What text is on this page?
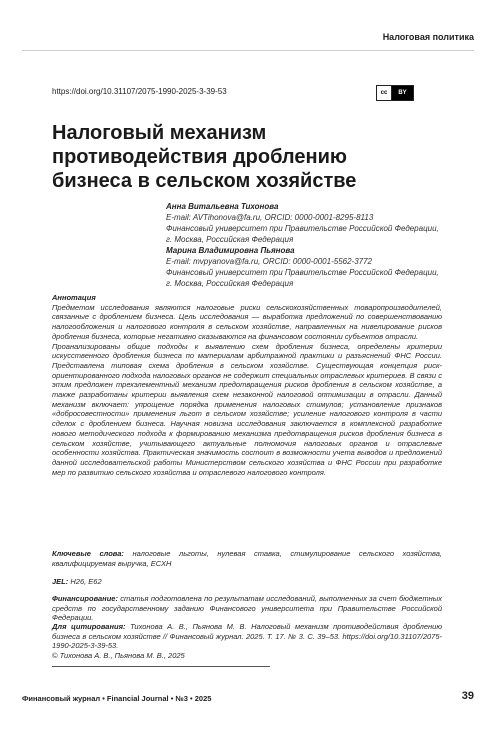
Налоговая политика
https://doi.org/10.31107/2075-1990-2025-3-39-53	cc	BY
Налоговый механизм
противодействия дроблению
бизнеса в сельском хозяйстве
Анна Витальевна Тихонова
E-mail: AVTihonova@fa.ru, ORCID: 0000-0001-8295-8113
Финансовый университет при Правительстве Российской Федерации,
г. Москва, Российская Федерация
Марина Владимировна Пьянова
E-mail: mvpyanova@fa.ru, ORCID: 0000-0001-5562-3772
Финансовый университет при Правительстве Российской Федерации,
г. Москва, Российская Федерация
Аннотация

Предметом исследования являются налоговые риски сельскохозяйственных товаропроизводителей, связанные с дроблением бизнеса. Цель исследования — выработка предложений по совершенствованию налогообложения и налогового контроля в сельском хозяйстве, направленных на нивелирование рисков дробления бизнеса, которые негативно сказываются на финансовом состоянии субъектов отрасли.

Проанализированы общие подходы к выявлению схем дробления бизнеса, определены критерии искусственного дробления бизнеса по материалам арбитражной практики и разъяснений ФНС России. Представлена типовая схема дробления в сельском хозяйстве. Существующая концепция риск-ориентированного подхода налоговых органов не содержит специальных отраслевых критериев. В связи с этим предложен трехэлементный механизм предотвращения рисков дробления в сельском хозяйстве, а также разработаны критерии выявления схем незаконной налоговой оптимизации в отрасли. Данный механизм включает: упрощение порядка применения налоговых стимулов; установление признаков «добросовестности» применения льгот в сельском хозяйстве; усиление налогового контроля в части сделок с дроблением бизнеса. Научная новизна исследования заключается в комплексной разработке нового методического подхода к формированию механизма предотвращения рисков дробления бизнеса в сельском хозяйстве, учитывающего актуальные полномочия налоговых органов и отраслевые особенности хозяйства. Практическая значимость состоит в возможности учета выводов и предложений данной исследовательской работы Министерством сельского хозяйства и ФНС России при разработке мер по развитию сельского хозяйства и отраслевого налогового контроля.

Ключевые слова: налоговые льготы, нулевая ставка, стимулирование сельского хозяйства, квалифицируемая выручка, ЕСХН
JEL: H26, E62
Финансирование: статья подготовлена по результатам исследований, выполненных за счет бюджетных средств по государственному заданию Финансового университета при Правительстве Российской Федерации.
Для цитирования: Тихонова А. В., Пьянова М. В. Налоговый механизм противодействия дроблению бизнеса в сельском хозяйстве // Финансовый журнал. 2025. Т. 17. № 3. С. 39–53. https://doi.org/10.31107/2075-1990-2025-3-39-53.
© Тихонова А. В., Пьянова М. В., 2025
Финансовый журнал • Financial Journal • №3 • 2025	39
